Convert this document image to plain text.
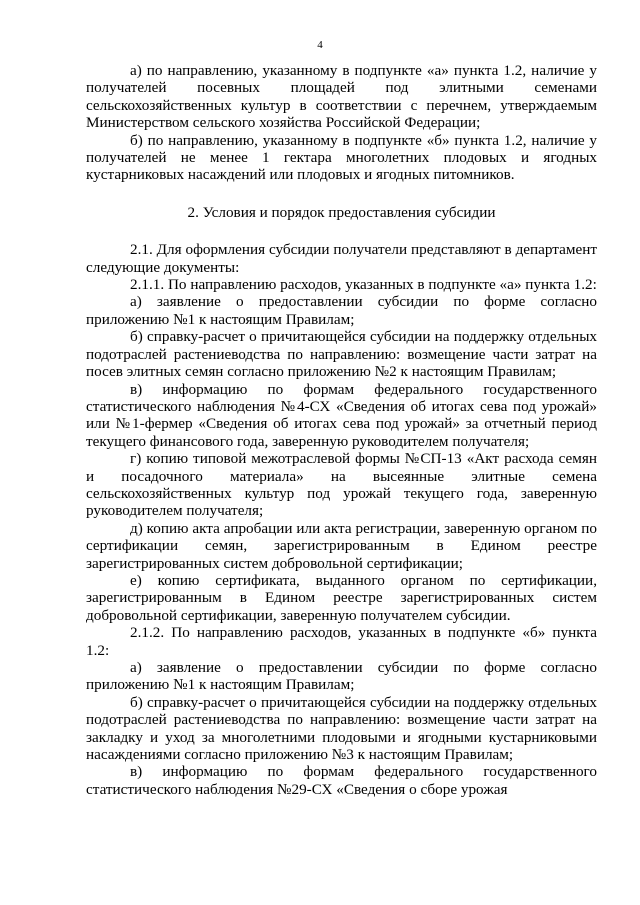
4

а) по направлению, указанному в подпункте «а» пункта 1.2, наличие у получателей посевных площадей под элитными семенами сельскохозяйственных культур в соответствии с перечнем, утверждаемым Министерством сельского хозяйства Российской Федерации;

б) по направлению, указанному в подпункте «б» пункта 1.2, наличие у получателей не менее 1 гектара многолетних плодовых и ягодных кустарниковых насаждений или плодовых и ягодных питомников.

2. Условия и порядок предоставления субсидии

2.1. Для оформления субсидии получатели представляют в департамент следующие документы:

2.1.1. По направлению расходов, указанных в подпункте «а» пункта 1.2:

а) заявление о предоставлении субсидии по форме согласно приложению №1 к настоящим Правилам;

б) справку-расчет о причитающейся субсидии на поддержку отдельных подотраслей растениеводства по направлению: возмещение части затрат на посев элитных семян согласно приложению №2 к настоящим Правилам;

в) информацию по формам федерального государственного статистического наблюдения №4-СХ «Сведения об итогах сева под урожай» или №1-фермер «Сведения об итогах сева под урожай» за отчетный период текущего финансового года, заверенную руководителем получателя;

г) копию типовой межотраслевой формы №СП-13 «Акт расхода семян и посадочного материала» на высеянные элитные семена сельскохозяйственных культур под урожай текущего года, заверенную руководителем получателя;

д) копию акта апробации или акта регистрации, заверенную органом по сертификации семян, зарегистрированным в Едином реестре зарегистрированных систем добровольной сертификации;

е) копию сертификата, выданного органом по сертификации, зарегистрированным в Едином реестре зарегистрированных систем добровольной сертификации, заверенную получателем субсидии.

2.1.2. По направлению расходов, указанных в подпункте «б» пункта 1.2:

а) заявление о предоставлении субсидии по форме согласно приложению №1 к настоящим Правилам;

б) справку-расчет о причитающейся субсидии на поддержку отдельных подотраслей растениеводства по направлению: возмещение части затрат на закладку и уход за многолетними плодовыми и ягодными кустарниковыми насаждениями согласно приложению №3 к настоящим Правилам;

в) информацию по формам федерального государственного статистического наблюдения №29-СХ «Сведения о сборе урожая
